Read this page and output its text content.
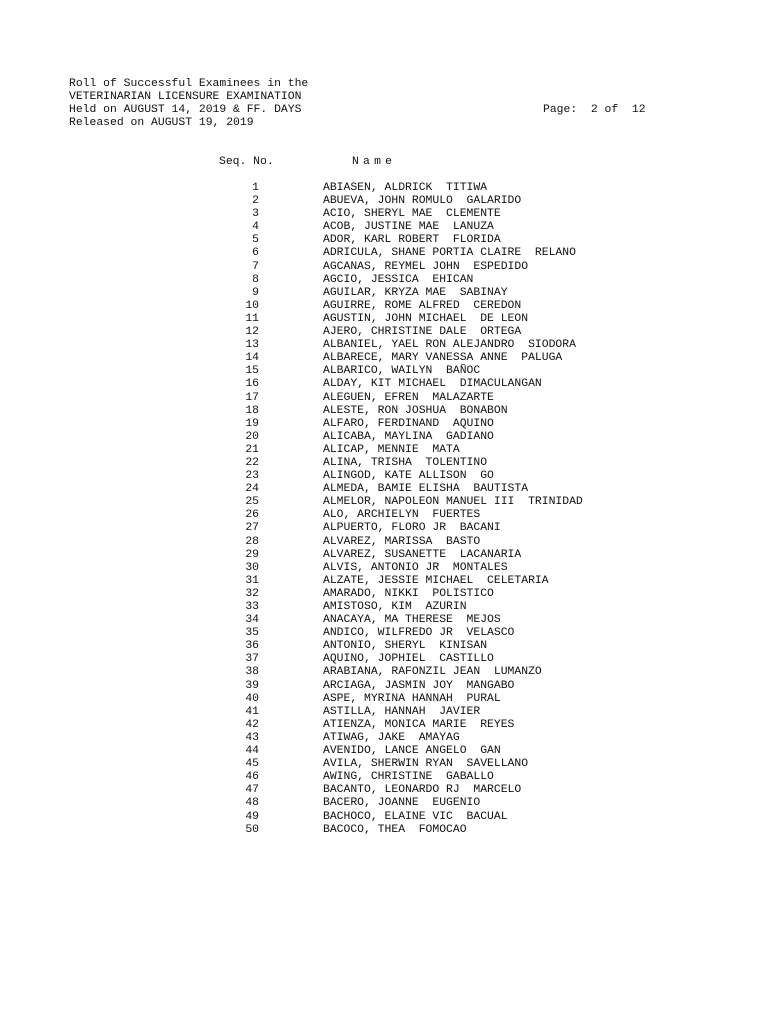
Roll of Successful Examinees in the
VETERINARIAN LICENSURE EXAMINATION
Held on AUGUST 14, 2019 & FF. DAYS
Released on AUGUST 19, 2019
Page:  2 of  12
Seq. No.	Name
1	ABIASEN, ALDRICK  TITIWA
2	ABUEVA, JOHN ROMULO  GALARIDO
3	ACIO, SHERYL MAE  CLEMENTE
4	ACOB, JUSTINE MAE  LANUZA
5	ADOR, KARL ROBERT  FLORIDA
6	ADRICULA, SHANE PORTIA CLAIRE  RELANO
7	AGCANAS, REYMEL JOHN  ESPEDIDO
8	AGCIO, JESSICA  EHICAN
9	AGUILAR, KRYZA MAE  SABINAY
10	AGUIRRE, ROME ALFRED  CEREDON
11	AGUSTIN, JOHN MICHAEL  DE LEON
12	AJERO, CHRISTINE DALE  ORTEGA
13	ALBANIEL, YAEL RON ALEJANDRO  SIODORA
14	ALBARECE, MARY VANESSA ANNE  PALUGA
15	ALBARICO, WAILYN  BAÑOC
16	ALDAY, KIT MICHAEL  DIMACULANGAN
17	ALEGUEN, EFREN  MALAZARTE
18	ALESTE, RON JOSHUA  BONABON
19	ALFARO, FERDINAND  AQUINO
20	ALICABA, MAYLINA  GADIANO
21	ALICAP, MENNIE  MATA
22	ALINA, TRISHA  TOLENTINO
23	ALINGOD, KATE ALLISON  GO
24	ALMEDA, BAMIE ELISHA  BAUTISTA
25	ALMELOR, NAPOLEON MANUEL III  TRINIDAD
26	ALO, ARCHIELYN  FUERTES
27	ALPUERTO, FLORO JR  BACANI
28	ALVAREZ, MARISSA  BASTO
29	ALVAREZ, SUSANETTE  LACANARIA
30	ALVIS, ANTONIO JR  MONTALES
31	ALZATE, JESSIE MICHAEL  CELETARIA
32	AMARADO, NIKKI  POLISTICO
33	AMISTOSO, KIM  AZURIN
34	ANACAYA, MA THERESE  MEJOS
35	ANDICO, WILFREDO JR  VELASCO
36	ANTONIO, SHERYL  KINISAN
37	AQUINO, JOPHIEL  CASTILLO
38	ARABIANA, RAFONZIL JEAN  LUMANZO
39	ARCIAGA, JASMIN JOY  MANGABO
40	ASPE, MYRINA HANNAH  PURAL
41	ASTILLA, HANNAH  JAVIER
42	ATIENZA, MONICA MARIE  REYES
43	ATIWAG, JAKE  AMAYAG
44	AVENIDO, LANCE ANGELO  GAN
45	AVILA, SHERWIN RYAN  SAVELLANO
46	AWING, CHRISTINE  GABALLO
47	BACANTO, LEONARDO RJ  MARCELO
48	BACERO, JOANNE  EUGENIO
49	BACHOCO, ELAINE VIC  BACUAL
50	BACOCO, THEA  FOMOCAO
